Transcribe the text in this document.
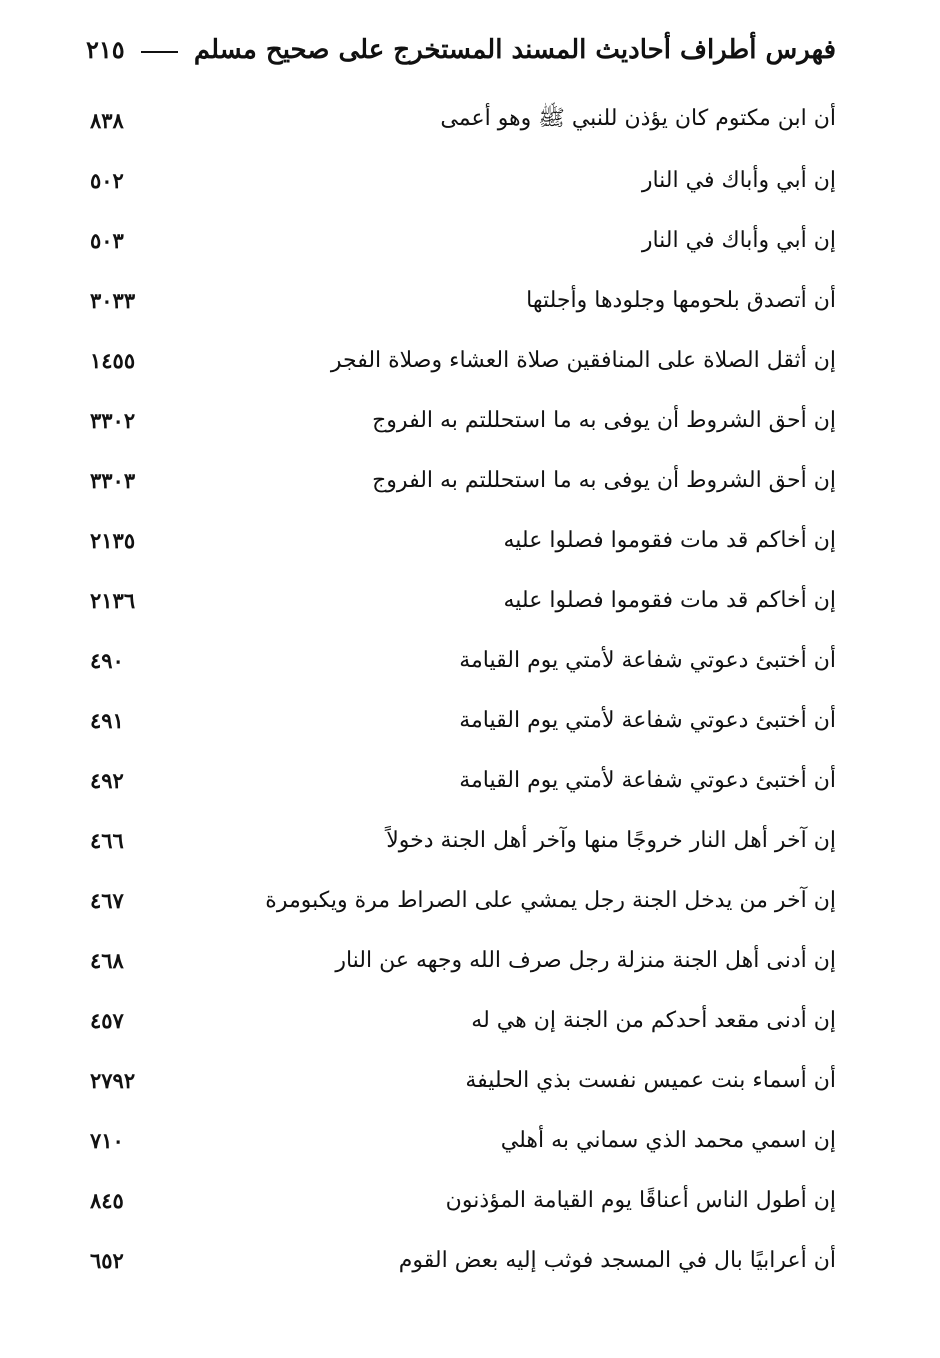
فهرس أطراف أحاديث المسند المستخرج على صحيح مسلم
٢١٥
أن ابن مكتوم كان يؤذن للنبي ﷺ وهو أعمى
٨٣٨
إن أبي وأباك في النار
٥٠٢
إن أبي وأباك في النار
٥٠٣
أن أتصدق بلحومها وجلودها وأجلتها
٣٠٣٣
إن أثقل الصلاة على المنافقين صلاة العشاء وصلاة الفجر
١٤٥٥
إن أحق الشروط أن يوفى به ما استحللتم به الفروج
٣٣٠٢
إن أحق الشروط أن يوفى به ما استحللتم به الفروج
٣٣٠٣
إن أخاكم قد مات فقوموا فصلوا عليه
٢١٣٥
إن أخاكم قد مات فقوموا فصلوا عليه
٢١٣٦
أن أختبئ دعوتي شفاعة لأمتي يوم القيامة
٤٩٠
أن أختبئ دعوتي شفاعة لأمتي يوم القيامة
٤٩١
أن أختبئ دعوتي شفاعة لأمتي يوم القيامة
٤٩٢
إن آخر أهل النار خروجًا منها وآخر أهل الجنة دخولاً
٤٦٦
إن آخر من يدخل الجنة رجل يمشي على الصراط مرة ويكبومرة
٤٦٧
إن أدنى أهل الجنة منزلة رجل صرف الله وجهه عن النار
٤٦٨
إن أدنى مقعد أحدكم من الجنة إن هي له
٤٥٧
أن أسماء بنت عميس نفست بذي الحليفة
٢٧٩٢
إن اسمي محمد الذي سماني به أهلي
٧١٠
إن أطول الناس أعناقًا يوم القيامة المؤذنون
٨٤٥
أن أعرابيًا بال في المسجد فوثب إليه بعض القوم
٦٥٢
